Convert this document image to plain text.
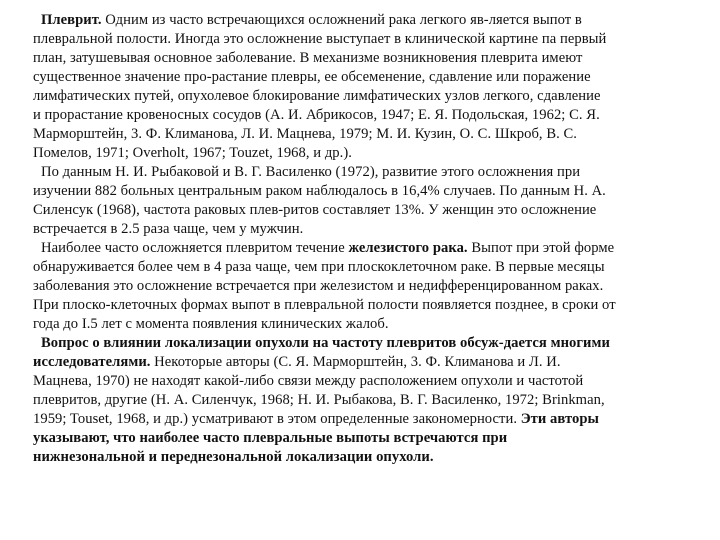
Плеврит. Одним из часто встречающихся осложнений рака легкого яв-ляется выпот в
плевральной полости. Иногда это осложнение выступает в клинической картине па первый
план, затушевывая основное заболевание. В механизме возникновения плеврита имеют
существенное значение про-растание плевры, ее обсеменение, сдавление или поражение
лимфатических путей, опухолевое блокирование лимфатических узлов легкого, сдавление
и прорастание кровеносных сосудов (А. И. Абрикосов, 1947; Е. Я. Подольская, 1962; С. Я.
Марморштейн, 3. Ф. Климанова, Л. И. Мацнева, 1979; М. И. Кузин, О. С. Шкроб, В. С.
Помелов, 1971; Overholt, 1967; Touzet, 1968, и др.).
По данным Н. И. Рыбаковой и В. Г. Василенко (1972), развитие этого осложнения при
изучении 882 больных центральным раком наблюдалось в 16,4% случаев. По данным Н. А.
Силенсук (1968), частота раковых плев-ритов составляет 13%. У женщин это осложнение
встречается в 2.5 раза чаще, чем у мужчин.
Наиболее часто осложняется плевритом течение железистого рака. Выпот при этой форме
обнаруживается более чем в 4 раза чаще, чем при плоскоклеточном раке. В первые месяцы
заболевания это осложнение встречается при железистом и недифференцированном раках.
При плоско-клеточных формах выпот в плевральной полости появляется позднее, в сроки от
года до I.5 лет с момента появления клинических жалоб.
Вопрос о влиянии локализации опухоли на частоту плевритов обсуж-дается многими
исследователями. Некоторые авторы (С. Я. Марморштейн, 3. Ф. Климанова и Л. И.
Мацнева, 1970) не находят какой-либо связи между расположением опухоли и частотой
плевритов, другие (Н. А. Силенчук, 1968; Н. И. Рыбакова, В. Г. Василенко, 1972; Brinkman,
1959; Touset, 1968, и др.) усматривают в этом определенные закономерности. Эти авторы
указывают, что наиболее часто плевральные выпоты встречаются при
нижнезональной и переднезональной локализации опухоли.
